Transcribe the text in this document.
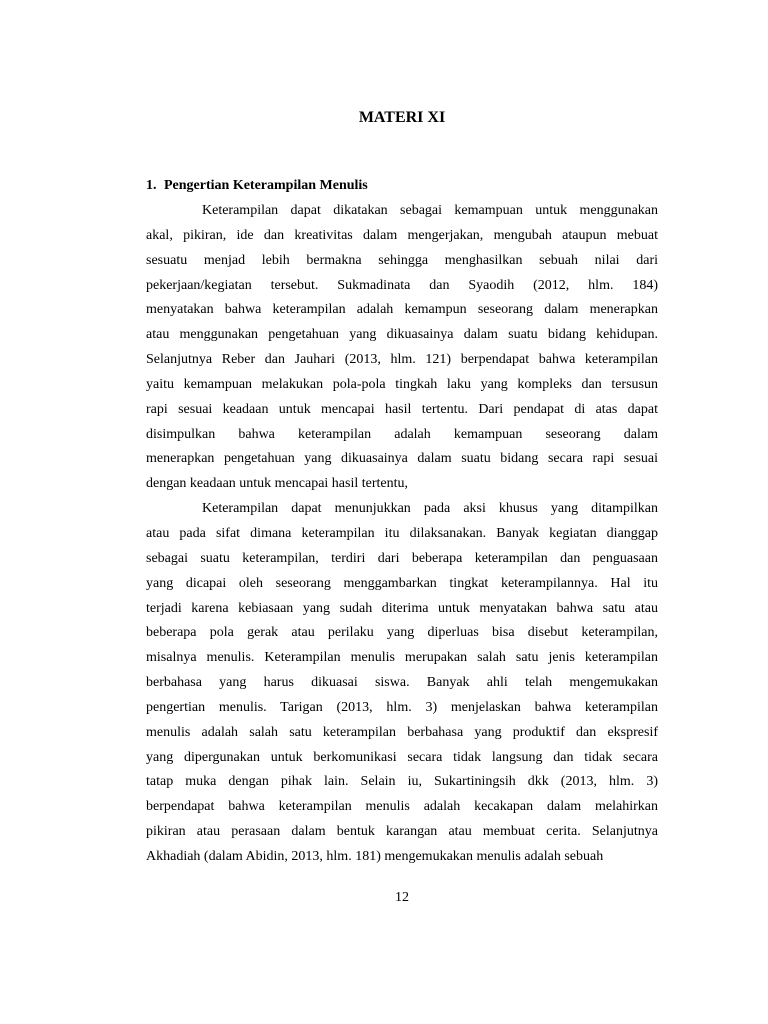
MATERI XI
1. Pengertian Keterampilan Menulis
Keterampilan dapat dikatakan sebagai kemampuan untuk menggunakan
akal, pikiran, ide dan kreativitas dalam mengerjakan, mengubah ataupun mebuat
sesuatu menjad lebih bermakna sehingga menghasilkan sebuah nilai dari
pekerjaan/kegiatan tersebut. Sukmadinata dan Syaodih (2012, hlm. 184)
menyatakan bahwa keterampilan adalah kemampun seseorang dalam menerapkan
atau menggunakan pengetahuan yang dikuasainya dalam suatu bidang kehidupan.
Selanjutnya Reber dan Jauhari (2013, hlm. 121) berpendapat bahwa keterampilan
yaitu kemampuan melakukan pola-pola tingkah laku yang kompleks dan tersusun
rapi sesuai keadaan untuk mencapai hasil tertentu. Dari pendapat di atas dapat
disimpulkan bahwa keterampilan adalah kemampuan seseorang dalam
menerapkan pengetahuan yang dikuasainya dalam suatu bidang secara rapi sesuai
dengan keadaan untuk mencapai hasil tertentu,
Keterampilan dapat menunjukkan pada aksi khusus yang ditampilkan
atau pada sifat dimana keterampilan itu dilaksanakan. Banyak kegiatan dianggap
sebagai suatu keterampilan, terdiri dari beberapa keterampilan dan penguasaan
yang dicapai oleh seseorang menggambarkan tingkat keterampilannya. Hal itu
terjadi karena kebiasaan yang sudah diterima untuk menyatakan bahwa satu atau
beberapa pola gerak atau perilaku yang diperluas bisa disebut keterampilan,
misalnya menulis. Keterampilan menulis merupakan salah satu jenis keterampilan
berbahasa yang harus dikuasai siswa. Banyak ahli telah mengemukakan
pengertian menulis. Tarigan (2013, hlm. 3) menjelaskan bahwa keterampilan
menulis adalah salah satu keterampilan berbahasa yang produktif dan ekspresif
yang dipergunakan untuk berkomunikasi secara tidak langsung dan tidak secara
tatap muka dengan pihak lain. Selain iu, Sukartiningsih dkk (2013, hlm. 3)
berpendapat bahwa keterampilan menulis adalah kecakapan dalam melahirkan
pikiran atau perasaan dalam bentuk karangan atau membuat cerita. Selanjutnya
Akhadiah (dalam Abidin, 2013, hlm. 181) mengemukakan menulis adalah sebuah
12
